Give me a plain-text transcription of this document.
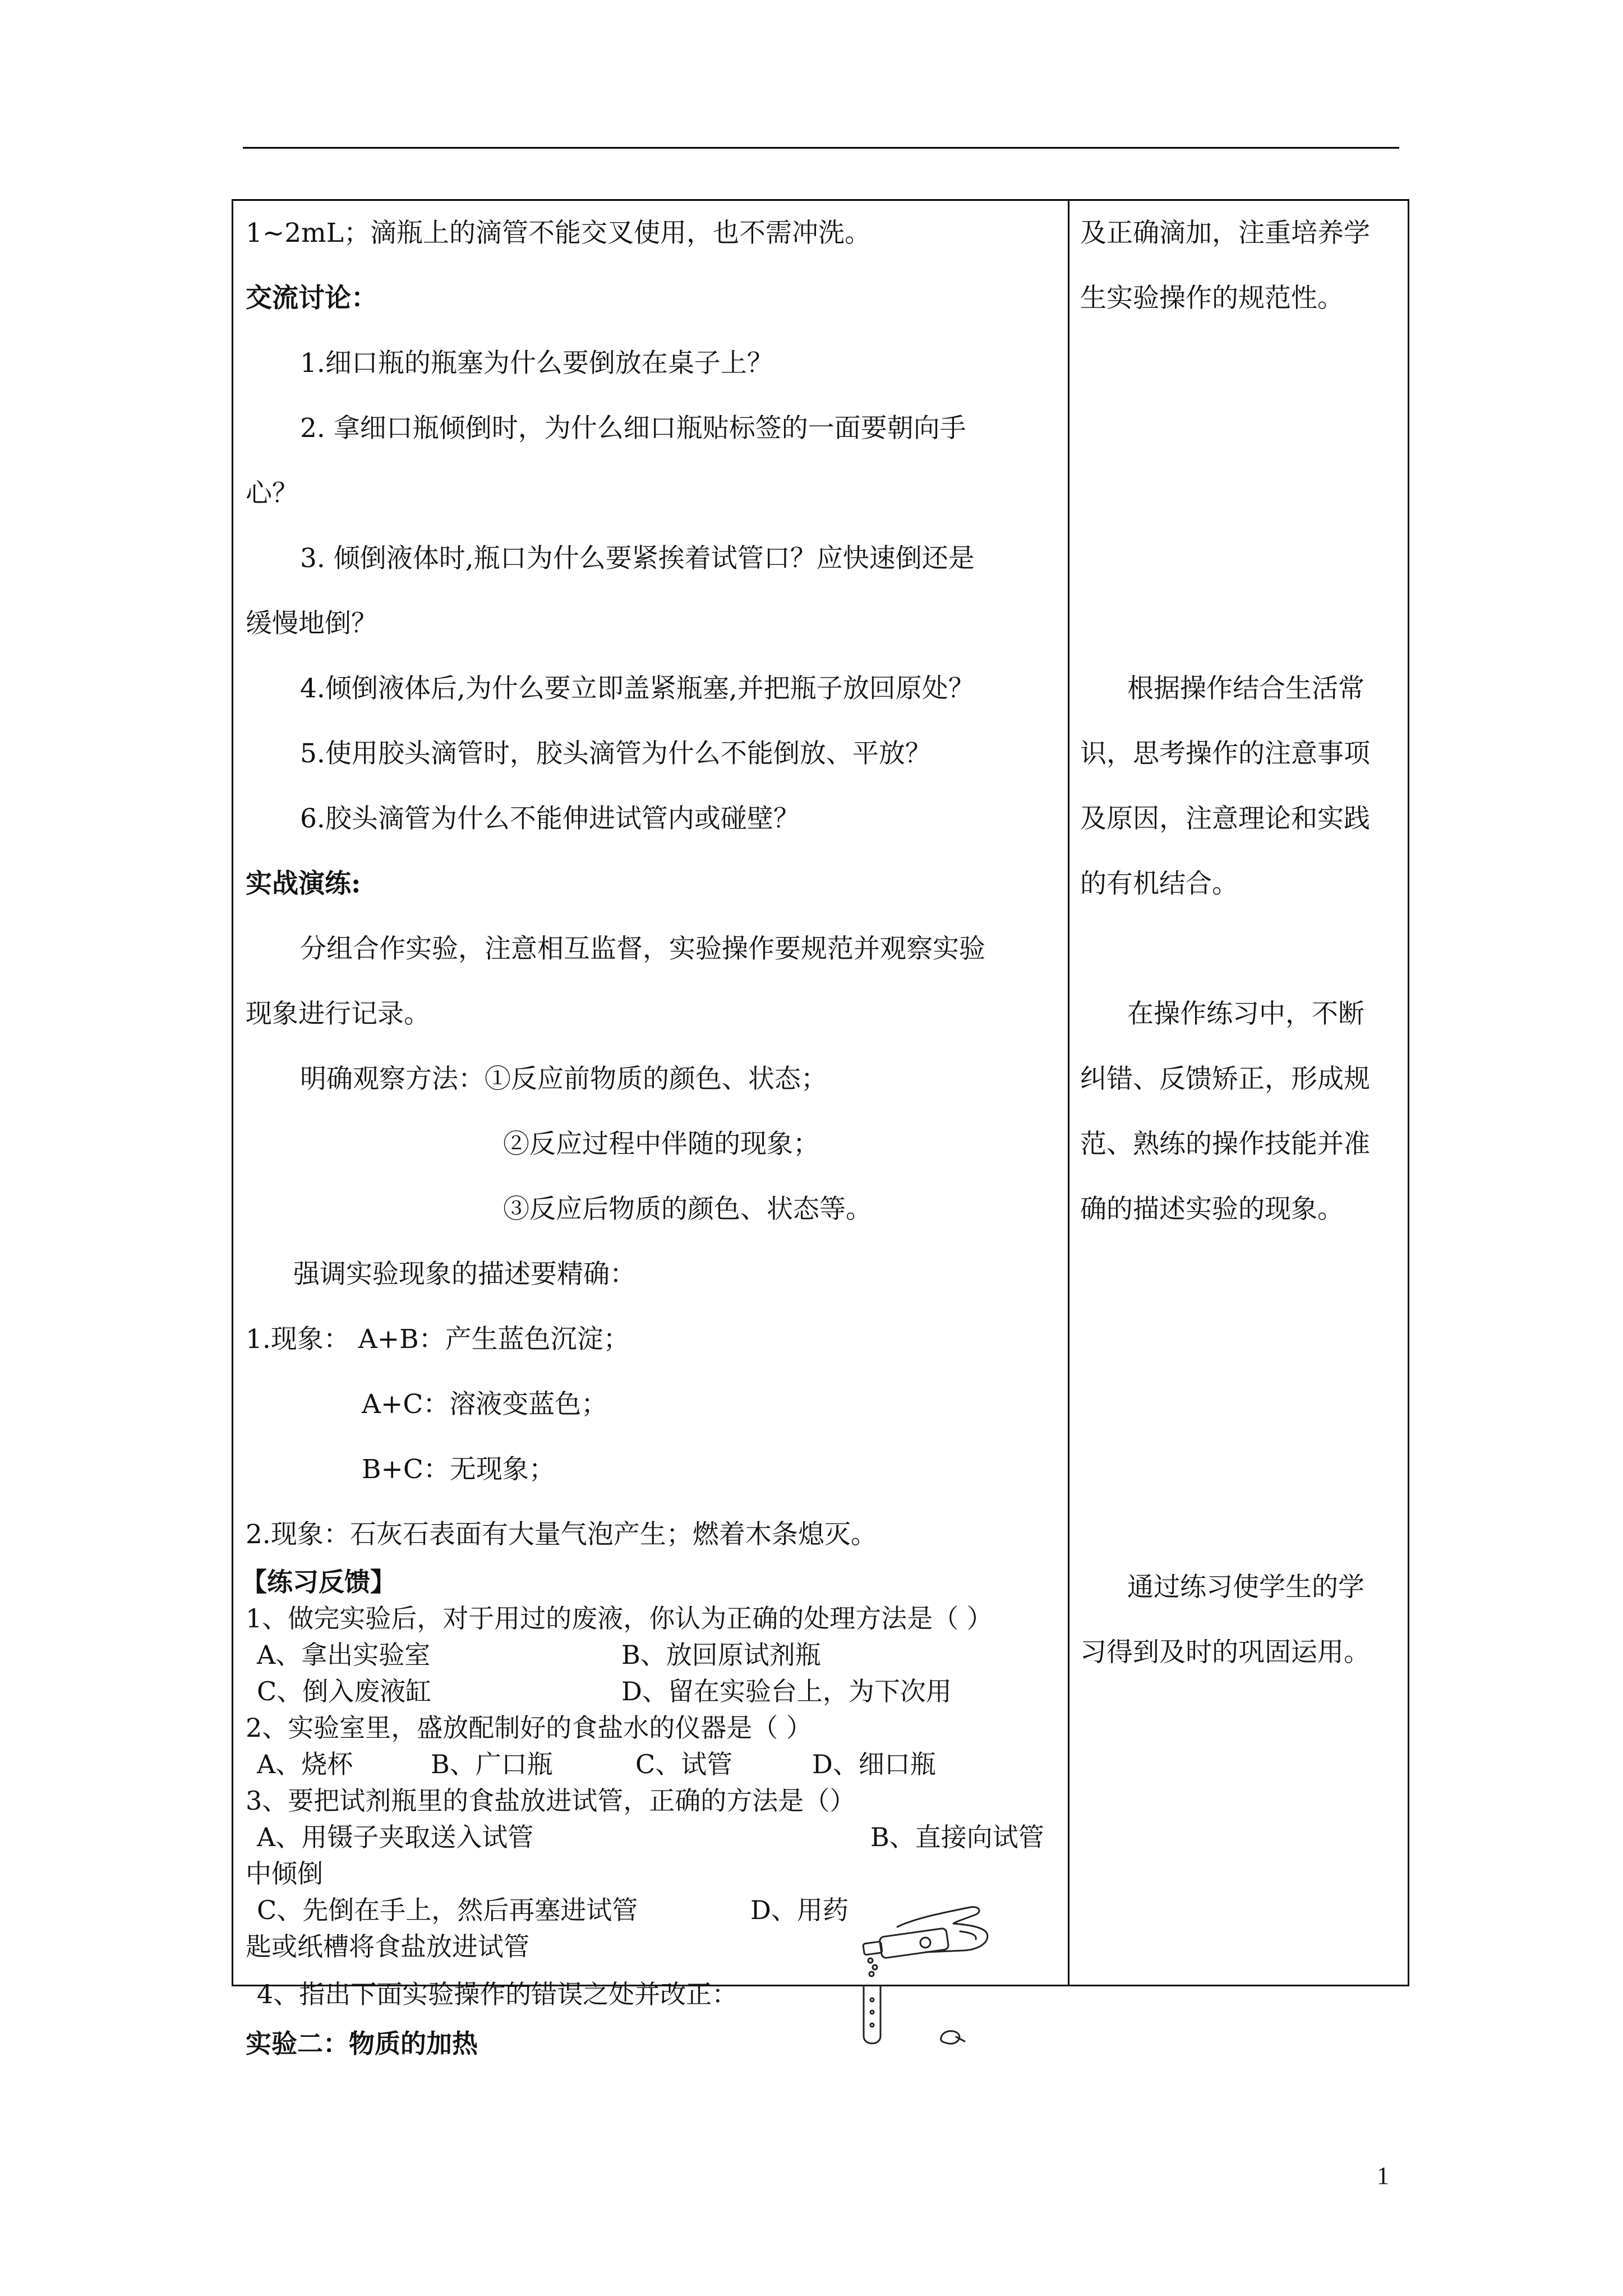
1~2mL；滴瓶上的滴管不能交叉使用，也不需冲洗。
交流讨论：
1.细口瓶的瓶塞为什么要倒放在桌子上？
2. 拿细口瓶倾倒时，为什么细口瓶贴标签的一面要朝向手
心？
3. 倾倒液体时,瓶口为什么要紧挨着试管口？应快速倒还是
缓慢地倒？
4.倾倒液体后,为什么要立即盖紧瓶塞,并把瓶子放回原处？
5.使用胶头滴管时，胶头滴管为什么不能倒放、平放？
6.胶头滴管为什么不能伸进试管内或碰壁？
实战演练:
分组合作实验，注意相互监督，实验操作要规范并观察实验
现象进行记录。
明确观察方法：①反应前物质的颜色、状态；
②反应过程中伴随的现象；
③反应后物质的颜色、状态等。
强调实验现象的描述要精确：
1.现象： A+B：产生蓝色沉淀；
A+C：溶液变蓝色；
B+C：无现象；
2.现象：石灰石表面有大量气泡产生；燃着木条熄灭。
【练习反馈】
1、做完实验后，对于用过的废液，你认为正确的处理方法是（ ）
A、拿出实验室	B、放回原试剂瓶
C、倒入废液缸	D、留在实验台上，为下次用
2、实验室里，盛放配制好的食盐水的仪器是（ ）
A、烧杯	B、广口瓶	C、试管	D、细口瓶
3、要把试剂瓶里的食盐放进试管，正确的方法是（）
A、用镊子夹取送入试管	B、直接向试管
中倾倒
C、先倒在手上，然后再塞进试管	D、用药
匙或纸槽将食盐放进试管
4、指出下面实验操作的错误之处并改正：
实验二：物质的加热
及正确滴加，注重培养学
生实验操作的规范性。
根据操作结合生活常
识，思考操作的注意事项
及原因，注意理论和实践
的有机结合。
在操作练习中，不断
纠错、反馈矫正，形成规
范、熟练的操作技能并准
确的描述实验的现象。
通过练习使学生的学
习得到及时的巩固运用。
1
